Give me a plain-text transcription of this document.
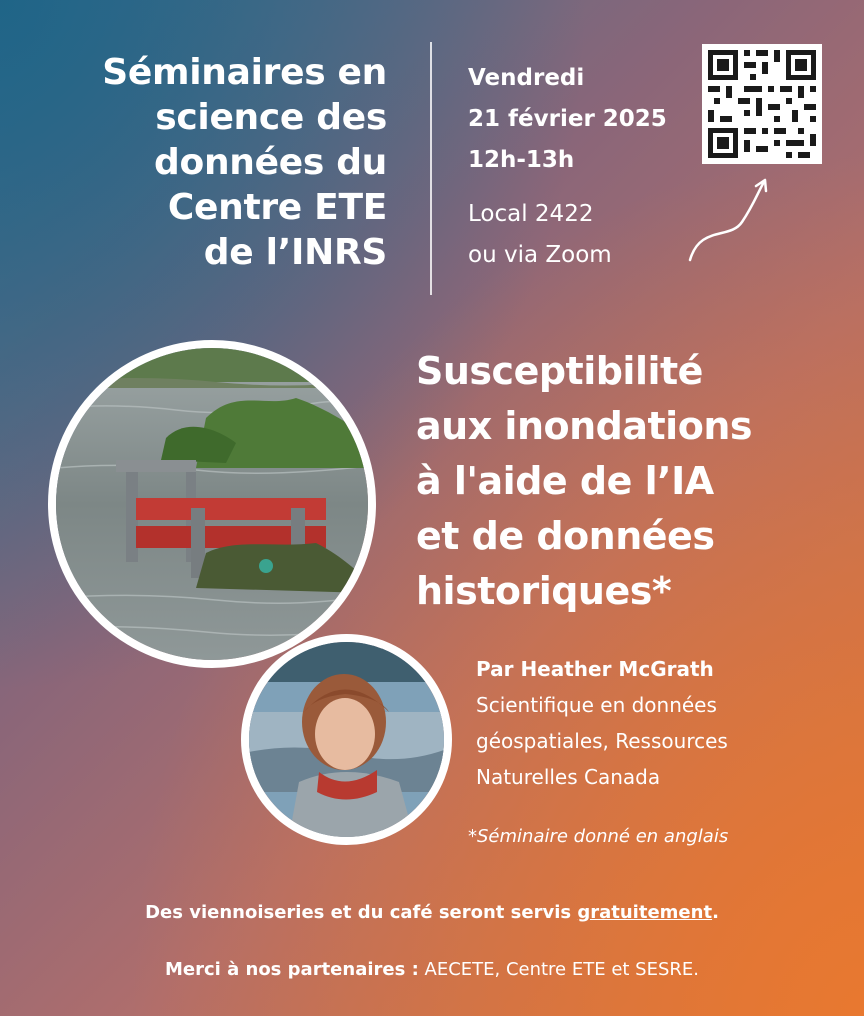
Séminaires en
science des
données du
Centre ETE
de l’INRS
Vendredi
21 février 2025
12h-13h
Local 2422
ou via Zoom
Susceptibilité
aux inondations
à l'aide de l’IA
et de données
historiques*
Par Heather McGrath
Scientifique en données
géospatiales, Ressources
Naturelles Canada
*Séminaire donné en anglais
Des viennoiseries et du café seront servis gratuitement.
Merci à nos partenaires : AECETE, Centre ETE et SESRE.
